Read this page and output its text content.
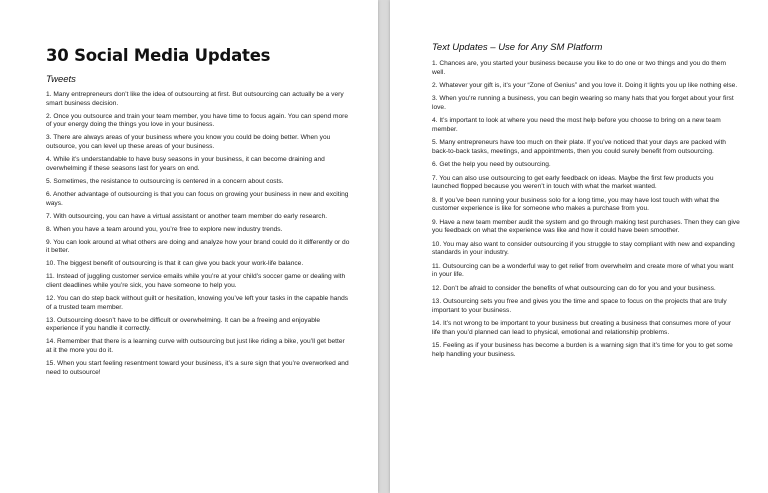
30 Social Media Updates
Tweets
1. Many entrepreneurs don’t like the idea of outsourcing at first. But outsourcing can actually be a very smart business decision.
2. Once you outsource and train your team member, you have time to focus again. You can spend more of your energy doing the things you love in your business.
3. There are always areas of your business where you know you could be doing better. When you outsource, you can level up these areas of your business.
4. While it’s understandable to have busy seasons in your business, it can become draining and overwhelming if these seasons last for years on end.
5. Sometimes, the resistance to outsourcing is centered in a concern about costs.
6. Another advantage of outsourcing is that you can focus on growing your business in new and exciting ways.
7. With outsourcing, you can have a virtual assistant or another team member do early research.
8. When you have a team around you, you’re free to explore new industry trends.
9. You can look around at what others are doing and analyze how your brand could do it differently or do it better.
10. The biggest benefit of outsourcing is that it can give you back your work-life balance.
11. Instead of juggling customer service emails while you’re at your child’s soccer game or dealing with client deadlines while you’re sick, you have someone to help you.
12. You can do step back without guilt or hesitation, knowing you’ve left your tasks in the capable hands of a trusted team member.
13. Outsourcing doesn’t have to be difficult or overwhelming. It can be a freeing and enjoyable experience if you handle it correctly.
14. Remember that there is a learning curve with outsourcing but just like riding a bike, you’ll get better at it the more you do it.
15. When you start feeling resentment toward your business, it’s a sure sign that you’re overworked and need to outsource!
Text Updates – Use for Any SM Platform
1. Chances are, you started your business because you like to do one or two things and you do them well.
2. Whatever your gift is, it’s your “Zone of Genius” and you love it. Doing it lights you up like nothing else.
3. When you’re running a business, you can begin wearing so many hats that you forget about your first love.
4. It’s important to look at where you need the most help before you choose to bring on a new team member.
5. Many entrepreneurs have too much on their plate. If you’ve noticed that your days are packed with back-to-back tasks, meetings, and appointments, then you could surely benefit from outsourcing.
6. Get the help you need by outsourcing.
7. You can also use outsourcing to get early feedback on ideas. Maybe the first few products you launched flopped because you weren’t in touch with what the market wanted.
8. If you’ve been running your business solo for a long time, you may have lost touch with what the customer experience is like for someone who makes a purchase from you.
9. Have a new team member audit the system and go through making test purchases. Then they can give you feedback on what the experience was like and how it could have been smoother.
10. You may also want to consider outsourcing if you struggle to stay compliant with new and expanding standards in your industry.
11. Outsourcing can be a wonderful way to get relief from overwhelm and create more of what you want in your life.
12. Don’t be afraid to consider the benefits of what outsourcing can do for you and your business.
13. Outsourcing sets you free and gives you the time and space to focus on the projects that are truly important to your business.
14. It’s not wrong to be important to your business but creating a business that consumes more of your life than you’d planned can lead to physical, emotional and relationship problems.
15. Feeling as if your business has become a burden is a warning sign that it’s time for you to get some help handling your business.
